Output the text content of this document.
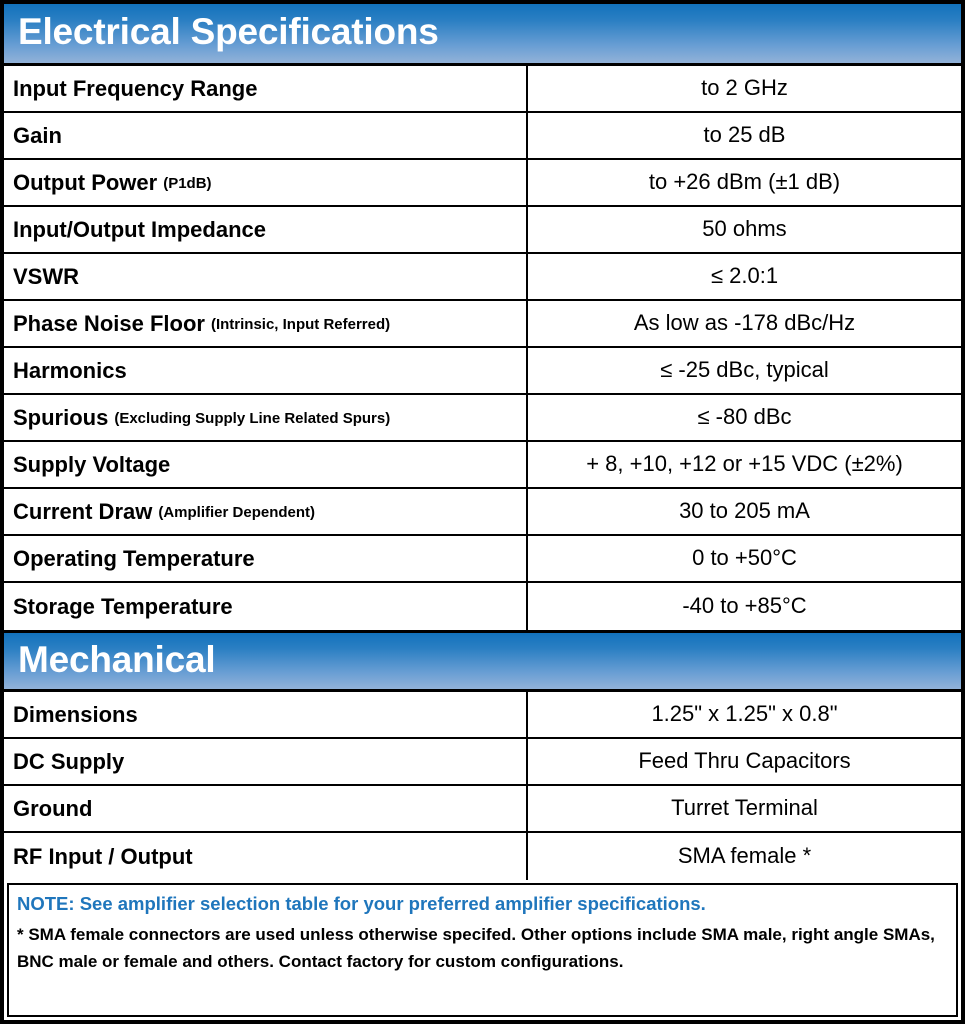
Electrical Specifications
Input Frequency Range	to 2 GHz
Gain	to 25 dB
Output Power (P1dB)	to +26 dBm (±1 dB)
Input/Output Impedance	50 ohms
VSWR	≤ 2.0:1
Phase Noise Floor (Intrinsic, Input Referred)	As low as -178 dBc/Hz
Harmonics	≤ -25 dBc, typical
Spurious (Excluding Supply Line Related Spurs)	≤ -80 dBc
Supply Voltage	+ 8, +10, +12 or +15 VDC (±2%)
Current Draw (Amplifier Dependent)	30 to 205 mA
Operating Temperature	0 to +50°C
Storage Temperature	-40 to +85°C
Mechanical
Dimensions	1.25" x 1.25" x 0.8"
DC Supply	Feed Thru Capacitors
Ground	Turret Terminal
RF Input / Output	SMA female *
NOTE: See amplifier selection table for your preferred amplifier specifications.
* SMA female connectors are used unless otherwise specifed. Other options include SMA male, right angle SMAs, BNC male or female and others. Contact factory for custom configurations.
